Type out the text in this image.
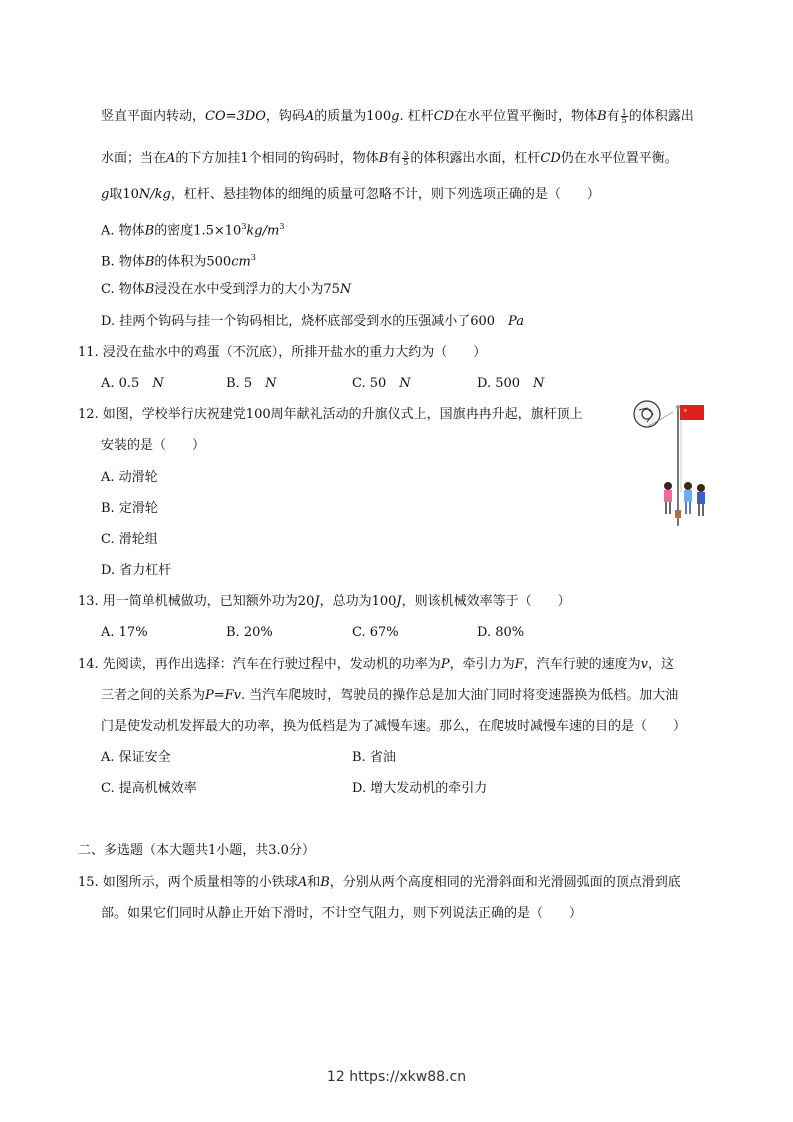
竖直平面内转动，CO=3DO，钩码A的质量为100g. 杠杆CD在水平位置平衡时，物体B有 $\frac{1}{5}$ 的体积露出
水面；当在A的下方加挂1个相同的钩码时，物体B有 $\frac{3}{5}$ 的体积露出水面，杠杆CD仍在水平位置平衡。
g取10N/kg，杠杆、悬挂物体的细绳的质量可忽略不计，则下列选项正确的是（　　）
A. 物体B的密度$1.5\times 10^3kg/m^3$
B. 物体B的体积为$500cm^3$
C. 物体B浸没在水中受到浮力的大小为75N
D. 挂两个钩码与挂一个钩码相比，烧杯底部受到水的压强减小了600　Pa
11. 浸没在盐水中的鸡蛋（不沉底），所排开盐水的重力大约为（　　）
A. 0.5　N	B. 5　N	C. 50　N	D. 500　N
12. 如图，学校举行庆祝建党100周年献礼活动的升旗仪式上，国旗冉冉升起，旗杆顶上
安装的是（　　）
A. 动滑轮
B. 定滑轮
C. 滑轮组
D. 省力杠杆
★
13. 用一简单机械做功，已知额外功为20J，总功为100J，则该机械效率等于（　　）
A. 17%	B. 20%	C. 67%	D. 80%
14. 先阅读，再作出选择：汽车在行驶过程中，发动机的功率为P，牵引力为F，汽车行驶的速度为v，这
三者之间的关系为P=Fv. 当汽车爬坡时，驾驶员的操作总是加大油门同时将变速器换为低档。加大油
门是使发动机发挥最大的功率，换为低档是为了减慢车速。那么，在爬坡时减慢车速的目的是（　　）
A. 保证安全	B. 省油
C. 提高机械效率	D. 增大发动机的牵引力
二、多选题（本大题共1小题，共3.0分）
15. 如图所示，两个质量相等的小铁球A和B，分别从两个高度相同的光滑斜面和光滑圆弧面的顶点滑到底
部。如果它们同时从静止开始下滑时，不计空气阻力，则下列说法正确的是（　　）
12 https://xkw88.cn
